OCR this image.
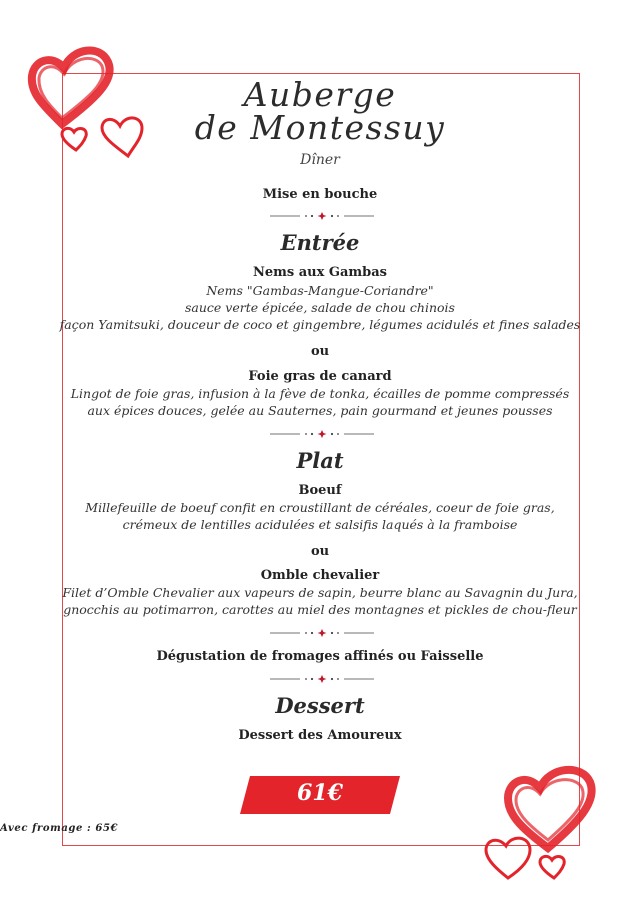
Auberge
de Montessuy
Dîner
Mise en bouche
Entrée
Nems aux Gambas
Nems "Gambas-Mangue-Coriandre"
sauce verte épicée, salade de chou chinois
façon Yamitsuki, douceur de coco et gingembre, légumes acidulés et fines salades
ou
Foie gras de canard
Lingot de foie gras, infusion à la fève de tonka, écailles de pomme compressés
aux épices douces, gelée au Sauternes, pain gourmand et jeunes pousses
Plat
Boeuf
Millefeuille de boeuf confit en croustillant de céréales, coeur de foie gras,
crémeux de lentilles acidulées et salsifis laqués à la framboise
ou
Omble chevalier
Filet d’Omble Chevalier aux vapeurs de sapin, beurre blanc au Savagnin du Jura,
gnocchis au potimarron, carottes au miel des montagnes et pickles de chou-fleur
Dégustation de fromages affinés ou Faisselle
Dessert
Dessert des Amoureux
61€
Avec fromage : 65€
